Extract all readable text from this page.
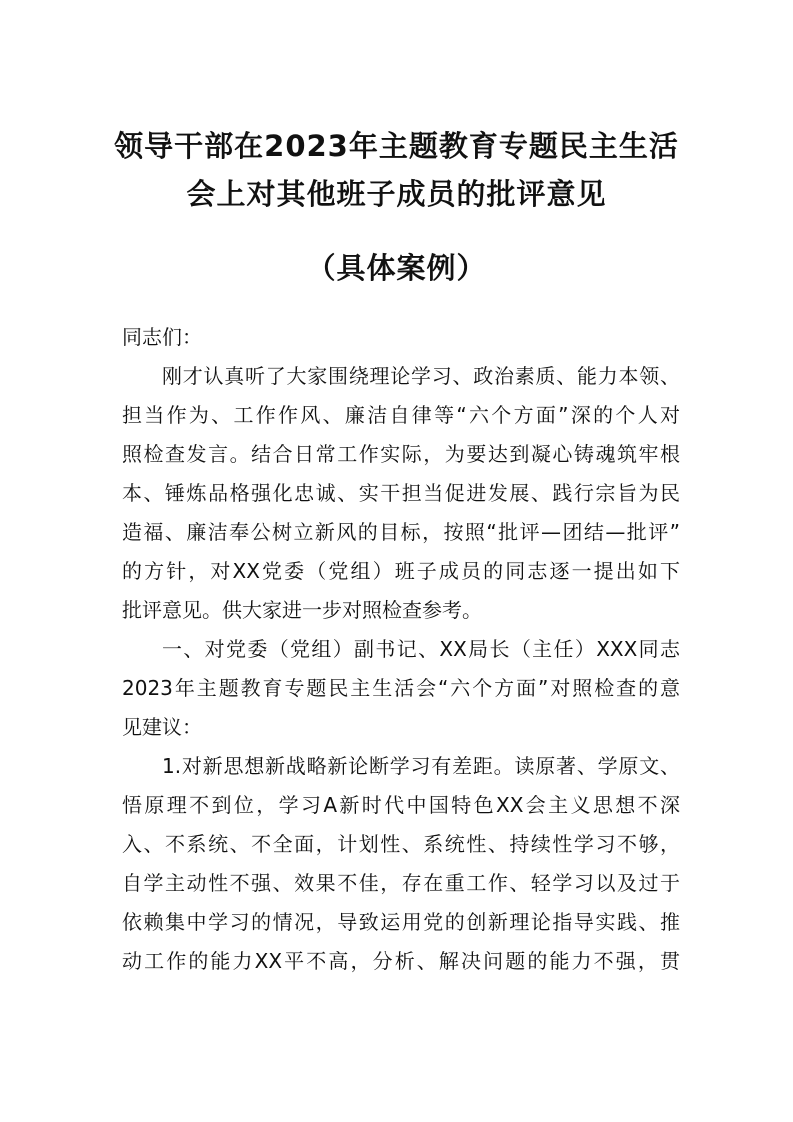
领导干部在2023年主题教育专题民主生活
会上对其他班子成员的批评意见
（具体案例）
同志们：
刚才认真听了大家围绕理论学习、政治素质、能力本领、
担当作为、工作作风、廉洁自律等“六个方面”深的个人对
照检查发言。结合日常工作实际，为要达到凝心铸魂筑牢根
本、锤炼品格强化忠诚、实干担当促进发展、践行宗旨为民
造福、廉洁奉公树立新风的目标，按照“批评—团结—批评”
的方针，对XX党委（党组）班子成员的同志逐一提出如下
批评意见。供大家进一步对照检查参考。
一、对党委（党组）副书记、XX局长（主任）XXX同志
2023年主题教育专题民主生活会“六个方面”对照检查的意
见建议：
1.对新思想新战略新论断学习有差距。读原著、学原文、
悟原理不到位，学习A新时代中国特色XX会主义思想不深
入、不系统、不全面，计划性、系统性、持续性学习不够，
自学主动性不强、效果不佳，存在重工作、轻学习以及过于
依赖集中学习的情况，导致运用党的创新理论指导实践、推
动工作的能力XX平不高，分析、解决问题的能力不强，贯
